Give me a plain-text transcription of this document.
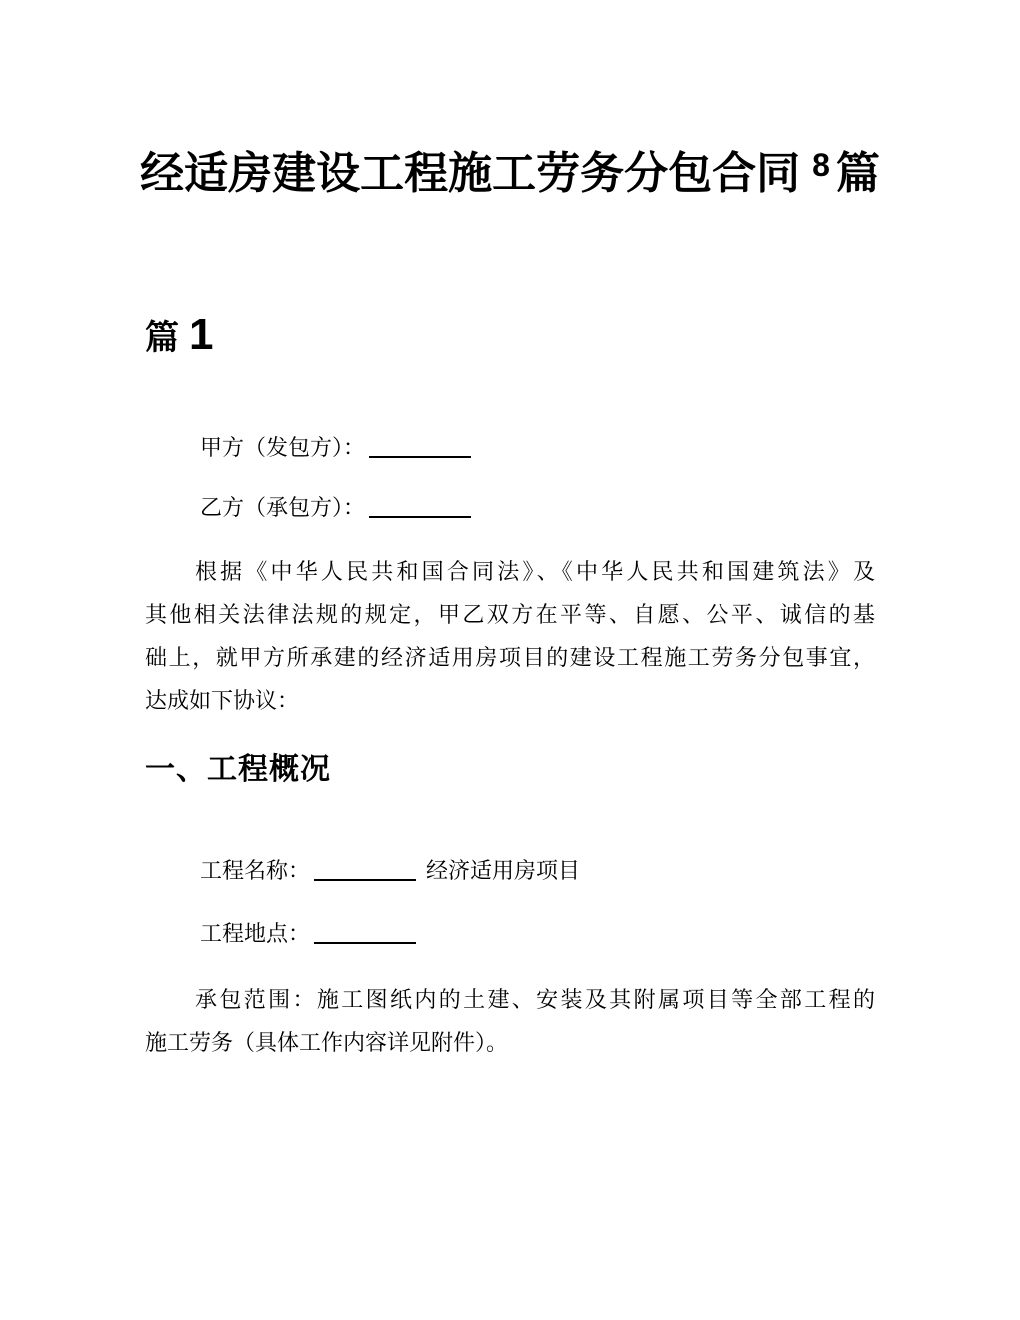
经适房建设工程施工劳务分包合同 $^8$ 篇
篇 1
甲方（发包方）：
乙方（承包方）：
根据《中华人民共和国合同法》、《中华人民共和国建筑法》及
其他相关法律法规的规定，甲乙双方在平等、自愿、公平、诚信的基
础上，就甲方所承建的经济适用房项目的建设工程施工劳务分包事宜，
达成如下协议：
一、工程概况
工程名称：	经济适用房项目
工程地点：
承包范围：施工图纸内的土建、安装及其附属项目等全部工程的
施工劳务（具体工作内容详见附件）。
